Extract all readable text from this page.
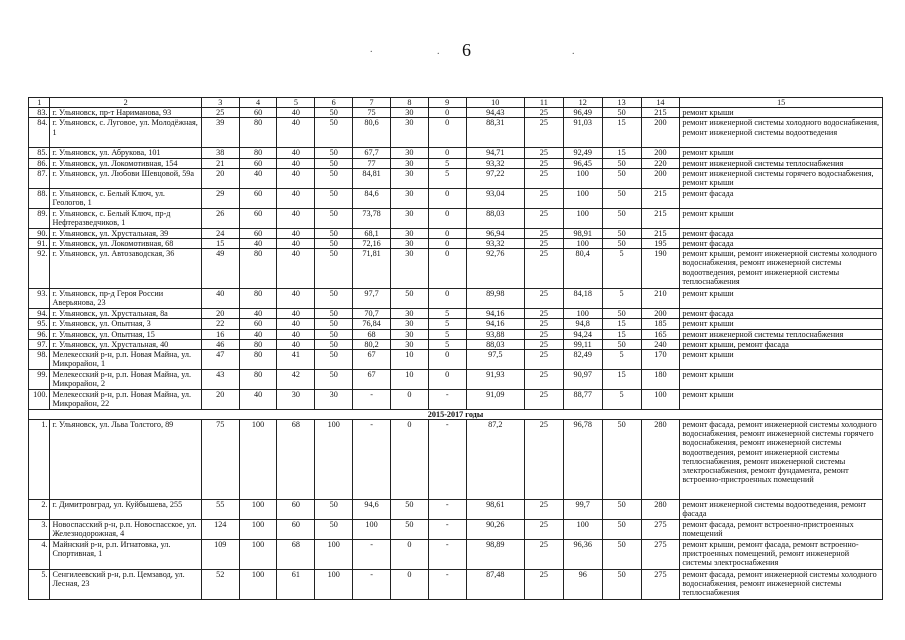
6
.	.	.
1	2	3	4	5	6	7	8	9	10	11	12	13	14	15
83.	г. Ульяновск, пр-т Нариманова, 93	25	60	40	50	75	30	0	94,43	25	96,49	50	215	ремонт крыши
84.	г. Ульяновск, с. Луговое, ул. Молодёжная, 1	39	80	40	50	80,6	30	0	88,31	25	91,03	15	200	ремонт инженерной системы холодного водоснабжения, ремонт инженерной системы водоотведения
85.	г. Ульяновск, ул. Абрукова, 101	38	80	40	50	67,7	30	0	94,71	25	92,49	15	200	ремонт крыши
86.	г. Ульяновск, ул. Локомотивная, 154	21	60	40	50	77	30	5	93,32	25	96,45	50	220	ремонт инженерной системы теплоснабжения
87.	г. Ульяновск, ул. Любови Шевцовой, 59а	20	40	40	50	84,81	30	5	97,22	25	100	50	200	ремонт инженерной системы горячего водоснабжения, ремонт крыши
88.	г. Ульяновск, с. Белый Ключ, ул. Геологов, 1	29	60	40	50	84,6	30	0	93,04	25	100	50	215	ремонт фасада
89.	г. Ульяновск, с. Белый Ключ, пр-д Нефтеразведчиков, 1	26	60	40	50	73,78	30	0	88,03	25	100	50	215	ремонт крыши
90.	г. Ульяновск, ул. Хрустальная, 39	24	60	40	50	68,1	30	0	96,94	25	98,91	50	215	ремонт фасада
91.	г. Ульяновск, ул. Локомотивная, 68	15	40	40	50	72,16	30	0	93,32	25	100	50	195	ремонт фасада
92.	г. Ульяновск, ул. Автозаводская, 36	49	80	40	50	71,81	30	0	92,76	25	80,4	5	190	ремонт крыши, ремонт инженерной системы холодного водоснабжения, ремонт инженерной системы водоотведения, ремонт инженерной системы теплоснабжения
93.	г. Ульяновск, пр-д Героя России Аверьянова, 23	40	80	40	50	97,7	50	0	89,98	25	84,18	5	210	ремонт крыши
94.	г. Ульяновск, ул. Хрустальная, 8а	20	40	40	50	70,7	30	5	94,16	25	100	50	200	ремонт фасада
95.	г. Ульяновск, ул. Опытная, 3	22	60	40	50	76,84	30	5	94,16	25	94,8	15	185	ремонт крыши
96.	г. Ульяновск, ул. Опытная, 15	16	40	40	50	68	30	5	93,88	25	94,24	15	165	ремонт инженерной системы теплоснабжения
97.	г. Ульяновск, ул. Хрустальная, 40	46	80	40	50	80,2	30	5	88,03	25	99,11	50	240	ремонт крыши, ремонт фасада
98.	Мелекесский р-н, р.п. Новая Майна, ул. Микрорайон, 1	47	80	41	50	67	10	0	97,5	25	82,49	5	170	ремонт крыши
99.	Мелекесский р-н, р.п. Новая Майна, ул. Микрорайон, 2	43	80	42	50	67	10	0	91,93	25	90,97	15	180	ремонт крыши
100.	Мелекесский р-н, р.п. Новая Майна, ул. Микрорайон, 22	20	40	30	30	-	0	-	91,09	25	88,77	5	100	ремонт крыши
2015-2017 годы														
1.	г. Ульяновск, ул. Льва Толстого, 89	75	100	68	100	-	0	-	87,2	25	96,78	50	280	ремонт фасада, ремонт инженерной системы холодного водоснабжения, ремонт инженерной системы горячего водоснабжения, ремонт инженерной системы водоотведения, ремонт инженерной системы теплоснабжения, ремонт инженерной системы электроснабжения, ремонт фундамента, ремонт встроенно-пристроенных помещений
2.	г. Димитровград, ул. Куйбышева, 255	55	100	60	50	94,6	50	-	98,61	25	99,7	50	280	ремонт инженерной системы водоотведения, ремонт фасада
3.	Новоспасский р-н, р.п. Новоспасское, ул. Железнодорожная, 4	124	100	60	50	100	50	-	90,26	25	100	50	275	ремонт фасада, ремонт встроенно-пристроенных помещений
4.	Майнский р-н, р.п. Игнатовка, ул. Спортивная, 1	109	100	68	100	-	0	-	98,89	25	96,36	50	275	ремонт крыши, ремонт фасада, ремонт встроенно-пристроенных помещений, ремонт инженерной системы электроснабжения
5.	Сенгилеевский р-н, р.п. Цемзавод, ул. Лесная, 23	52	100	61	100	-	0	-	87,48	25	96	50	275	ремонт фасада, ремонт инженерной системы холодного водоснабжения, ремонт инженерной системы теплоснабжения
